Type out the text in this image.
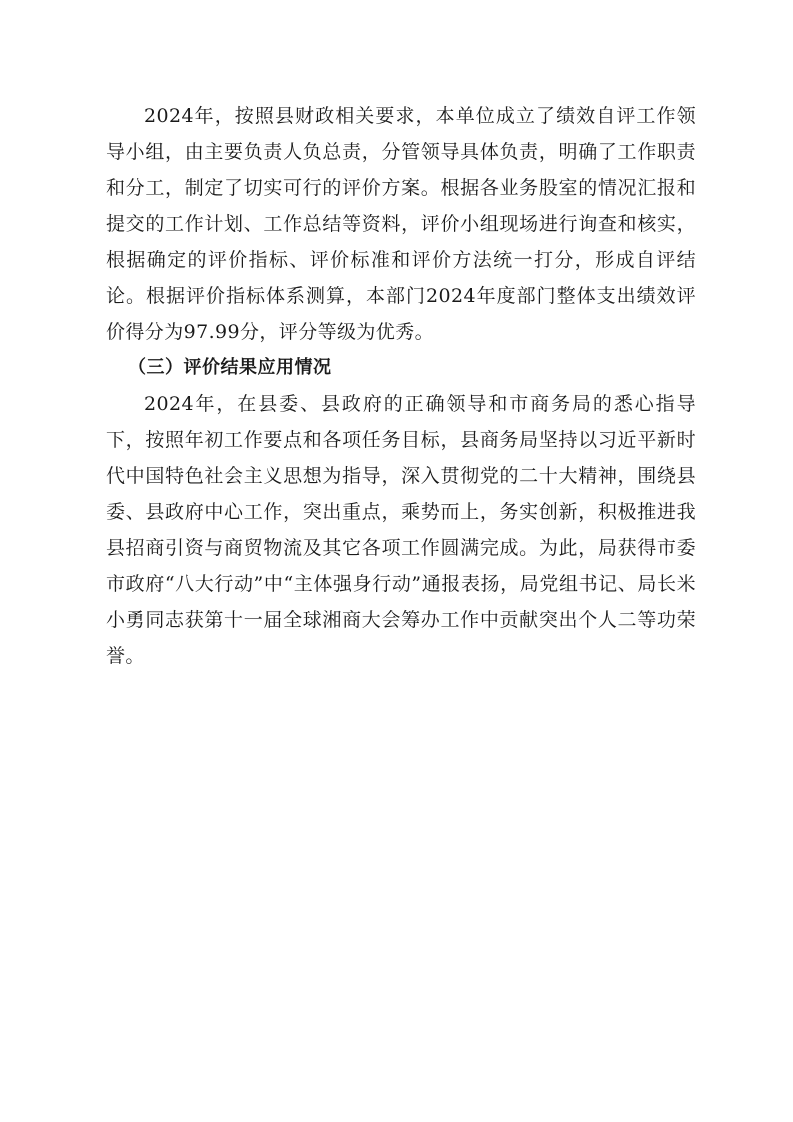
2024年，按照县财政相关要求，本单位成立了绩效自评工作领导小组，由主要负责人负总责，分管领导具体负责，明确了工作职责和分工，制定了切实可行的评价方案。根据各业务股室的情况汇报和提交的工作计划、工作总结等资料，评价小组现场进行询查和核实，根据确定的评价指标、评价标准和评价方法统一打分，形成自评结论。根据评价指标体系测算，本部门2024年度部门整体支出绩效评价得分为97.99分，评分等级为优秀。

（三）评价结果应用情况

2024年，在县委、县政府的正确领导和市商务局的悉心指导下，按照年初工作要点和各项任务目标，县商务局坚持以习近平新时代中国特色社会主义思想为指导，深入贯彻党的二十大精神，围绕县委、县政府中心工作，突出重点，乘势而上，务实创新，积极推进我县招商引资与商贸物流及其它各项工作圆满完成。为此，局获得市委市政府“八大行动”中“主体强身行动”通报表扬，局党组书记、局长米小勇同志获第十一届全球湘商大会筹办工作中贡献突出个人二等功荣誉。
